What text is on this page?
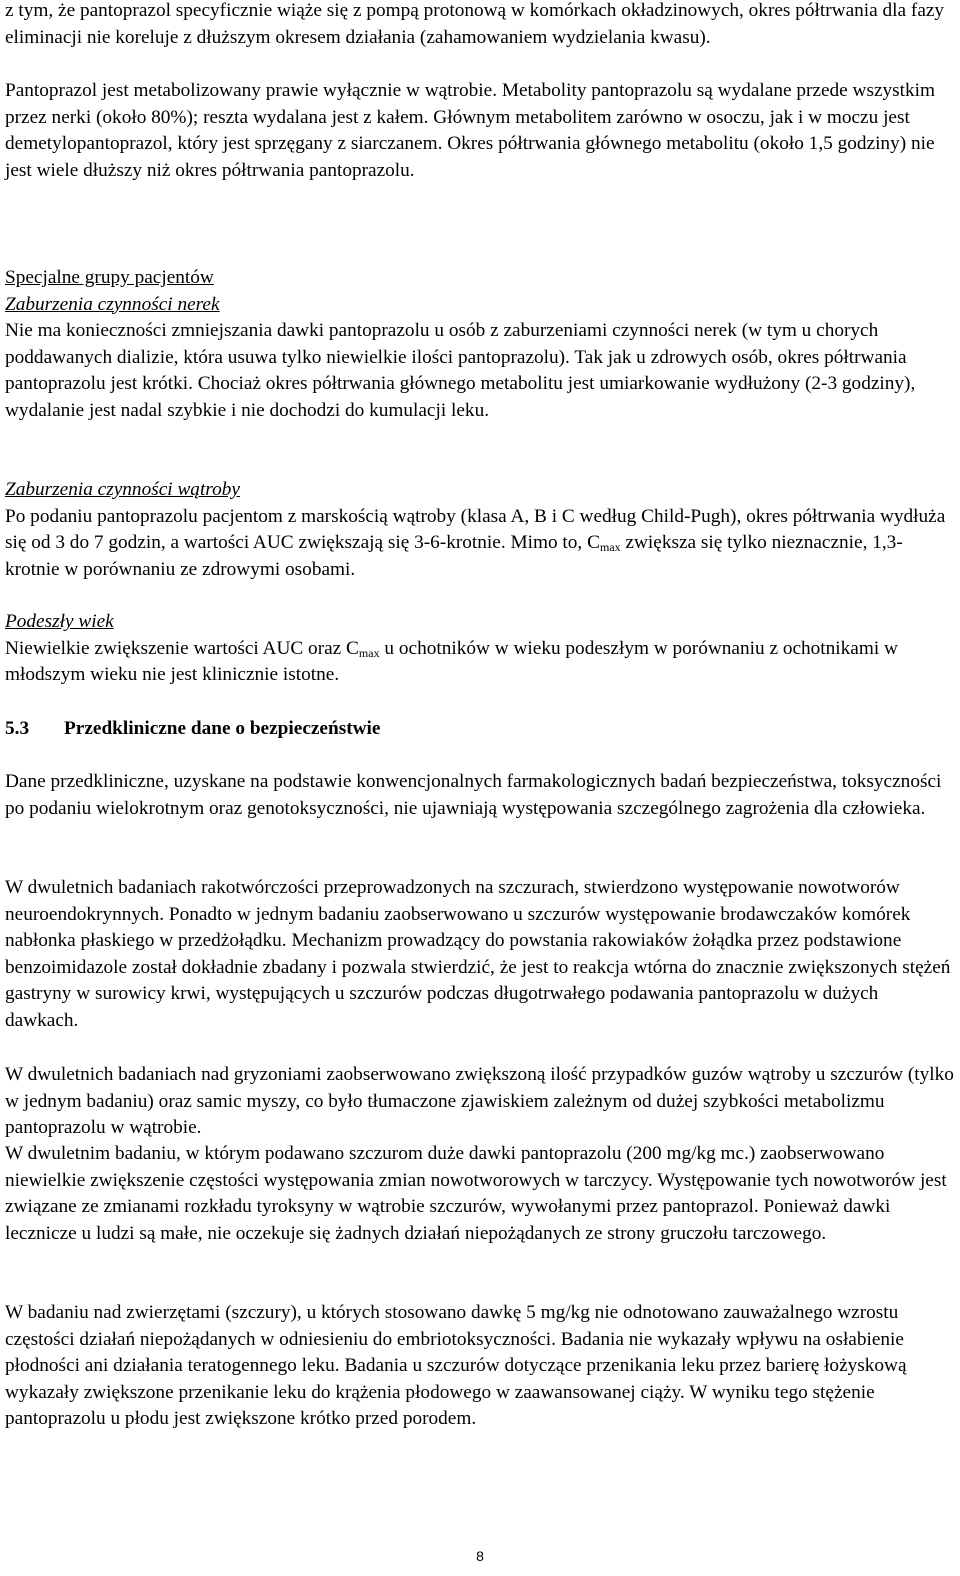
z tym, że pantoprazol specyficznie wiąże się z pompą protonową w komórkach okładzinowych, okres półtrwania dla fazy eliminacji nie koreluje z dłuższym okresem działania (zahamowaniem wydzielania kwasu).

Pantoprazol jest metabolizowany prawie wyłącznie w wątrobie. Metabolity pantoprazolu są wydalane przede wszystkim przez nerki (około 80%); reszta wydalana jest z kałem. Głównym metabolitem zarówno w osoczu, jak i w moczu jest demetylopantoprazol, który jest sprzęgany z siarczanem. Okres półtrwania głównego metabolitu (około 1,5 godziny) nie jest wiele dłuższy niż okres półtrwania pantoprazolu.

Specjalne grupy pacjentów

Zaburzenia czynności nerek

Nie ma konieczności zmniejszania dawki pantoprazolu u osób z zaburzeniami czynności nerek (w tym u chorych poddawanych dializie, która usuwa tylko niewielkie ilości pantoprazolu). Tak jak u zdrowych osób, okres półtrwania pantoprazolu jest krótki. Chociaż okres półtrwania głównego metabolitu jest umiarkowanie wydłużony (2-3 godziny), wydalanie jest nadal szybkie i nie dochodzi do kumulacji leku.

Zaburzenia czynności wątroby

Po podaniu pantoprazolu pacjentom z marskością wątroby (klasa A, B i C według Child-Pugh), okres półtrwania wydłuża się od 3 do 7 godzin, a wartości AUC zwiększają się 3-6-krotnie. Mimo to, $C_{max}$ zwiększa się tylko nieznacznie, 1,3-krotnie w porównaniu ze zdrowymi osobami.

Podeszły wiek

Niewielkie zwiększenie wartości AUC oraz $C_{max}$ u ochotników w wieku podeszłym w porównaniu z ochotnikami w młodszym wieku nie jest klinicznie istotne.

5.3 Przedkliniczne dane o bezpieczeństwie

Dane przedkliniczne, uzyskane na podstawie konwencjonalnych farmakologicznych badań bezpieczeństwa, toksyczności po podaniu wielokrotnym oraz genotoksyczności, nie ujawniają występowania szczególnego zagrożenia dla człowieka.

W dwuletnich badaniach rakotwórczości przeprowadzonych na szczurach, stwierdzono występowanie nowotworów neuroendokrynnych. Ponadto w jednym badaniu zaobserwowano u szczurów występowanie brodawczaków komórek nabłonka płaskiego w przedżołądku. Mechanizm prowadzący do powstania rakowiaków żołądka przez podstawione benzoimidazole został dokładnie zbadany i pozwala stwierdzić, że jest to reakcja wtórna do znacznie zwiększonych stężeń gastryny w surowicy krwi, występujących u szczurów podczas długotrwałego podawania pantoprazolu w dużych dawkach.

W dwuletnich badaniach nad gryzoniami zaobserwowano zwiększoną ilość przypadków guzów wątroby u szczurów (tylko w jednym badaniu) oraz samic myszy, co było tłumaczone zjawiskiem zależnym od dużej szybkości metabolizmu pantoprazolu w wątrobie.

W dwuletnim badaniu, w którym podawano szczurom duże dawki pantoprazolu (200 mg/kg mc.) zaobserwowano niewielkie zwiększenie częstości występowania zmian nowotworowych w tarczycy. Występowanie tych nowotworów jest związane ze zmianami rozkładu tyroksyny w wątrobie szczurów, wywołanymi przez pantoprazol. Ponieważ dawki lecznicze u ludzi są małe, nie oczekuje się żadnych działań niepożądanych ze strony gruczołu tarczowego.

W badaniu nad zwierzętami (szczury), u których stosowano dawkę 5 mg/kg nie odnotowano zauważalnego wzrostu częstości działań niepożądanych w odniesieniu do embriotoksyczności. Badania nie wykazały wpływu na osłabienie płodności ani działania teratogennego leku. Badania u szczurów dotyczące przenikania leku przez barierę łożyskową wykazały zwiększone przenikanie leku do krążenia płodowego w zaawansowanej ciąży. W wyniku tego stężenie pantoprazolu u płodu jest zwiększone krótko przed porodem.

8
